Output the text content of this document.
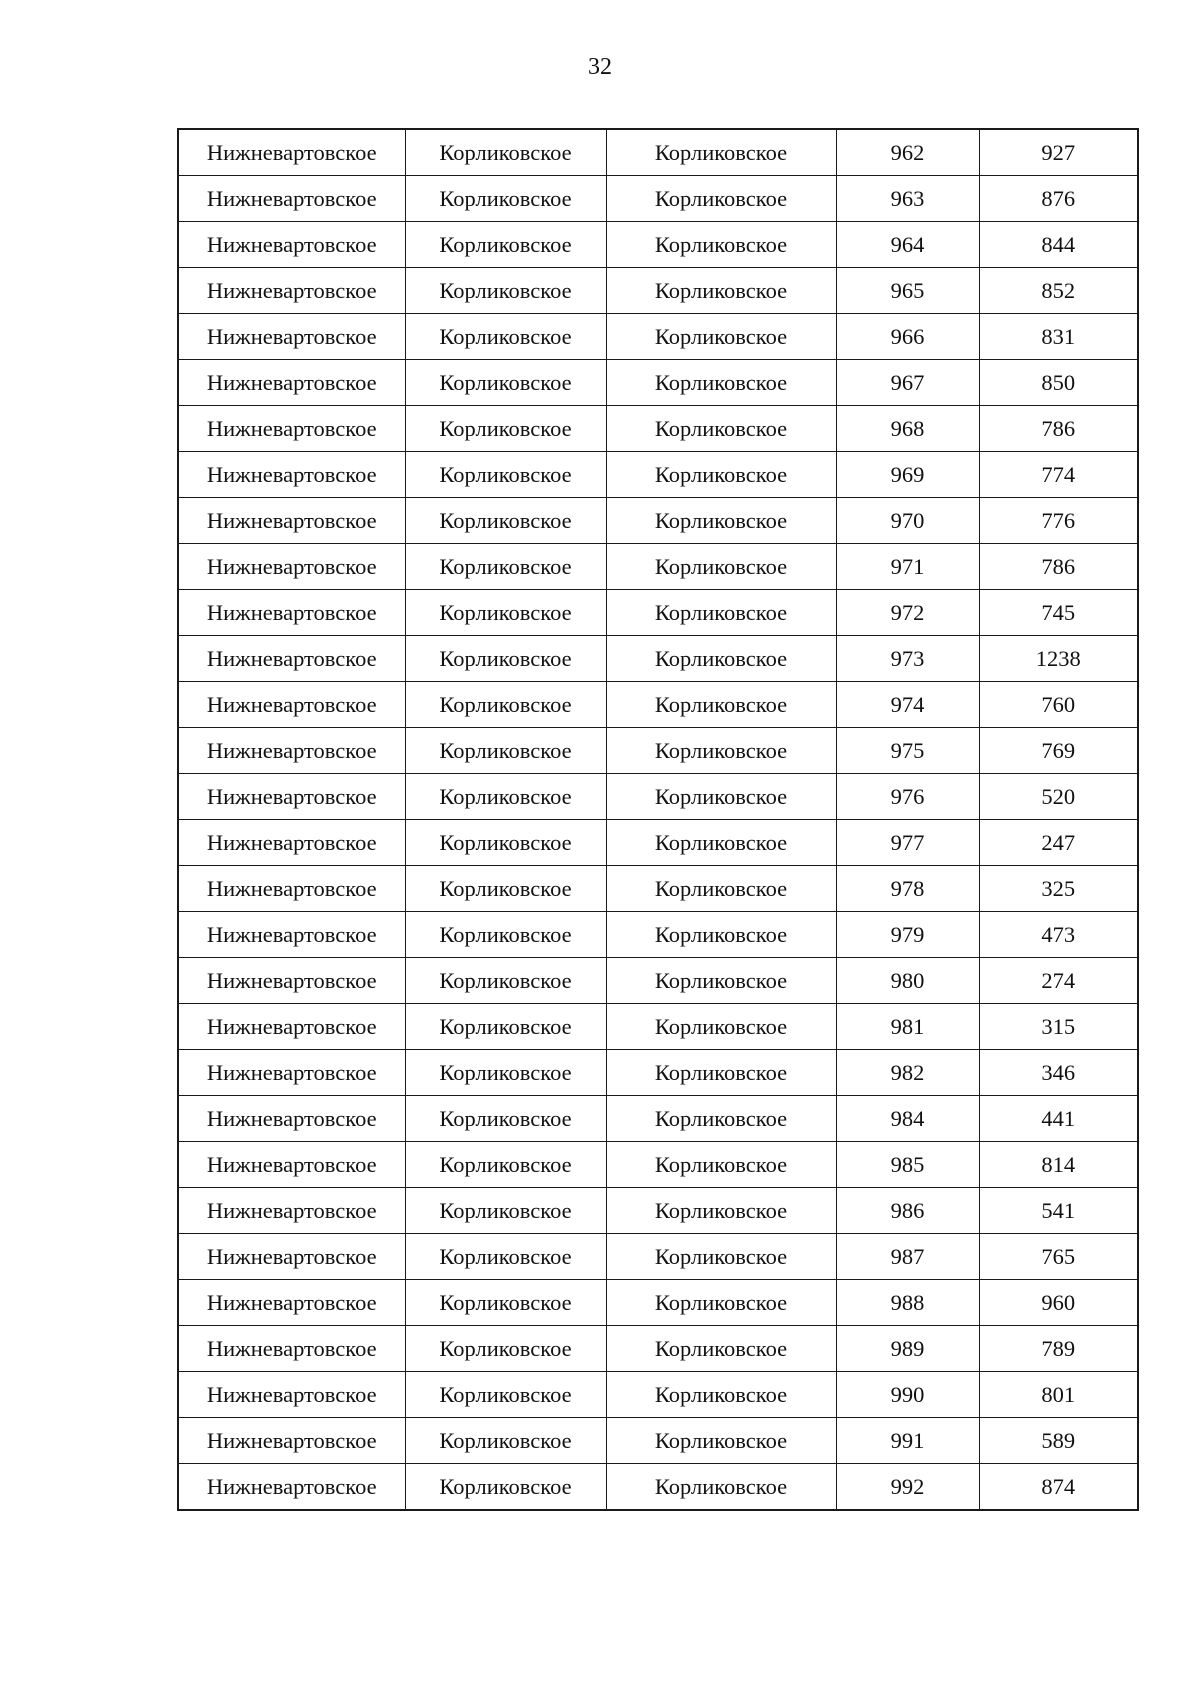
32
Нижневартовское	Корликовское	Корликовское	962	927
Нижневартовское	Корликовское	Корликовское	963	876
Нижневартовское	Корликовское	Корликовское	964	844
Нижневартовское	Корликовское	Корликовское	965	852
Нижневартовское	Корликовское	Корликовское	966	831
Нижневартовское	Корликовское	Корликовское	967	850
Нижневартовское	Корликовское	Корликовское	968	786
Нижневартовское	Корликовское	Корликовское	969	774
Нижневартовское	Корликовское	Корликовское	970	776
Нижневартовское	Корликовское	Корликовское	971	786
Нижневартовское	Корликовское	Корликовское	972	745
Нижневартовское	Корликовское	Корликовское	973	1238
Нижневартовское	Корликовское	Корликовское	974	760
Нижневартовское	Корликовское	Корликовское	975	769
Нижневартовское	Корликовское	Корликовское	976	520
Нижневартовское	Корликовское	Корликовское	977	247
Нижневартовское	Корликовское	Корликовское	978	325
Нижневартовское	Корликовское	Корликовское	979	473
Нижневартовское	Корликовское	Корликовское	980	274
Нижневартовское	Корликовское	Корликовское	981	315
Нижневартовское	Корликовское	Корликовское	982	346
Нижневартовское	Корликовское	Корликовское	984	441
Нижневартовское	Корликовское	Корликовское	985	814
Нижневартовское	Корликовское	Корликовское	986	541
Нижневартовское	Корликовское	Корликовское	987	765
Нижневартовское	Корликовское	Корликовское	988	960
Нижневартовское	Корликовское	Корликовское	989	789
Нижневартовское	Корликовское	Корликовское	990	801
Нижневартовское	Корликовское	Корликовское	991	589
Нижневартовское	Корликовское	Корликовское	992	874
